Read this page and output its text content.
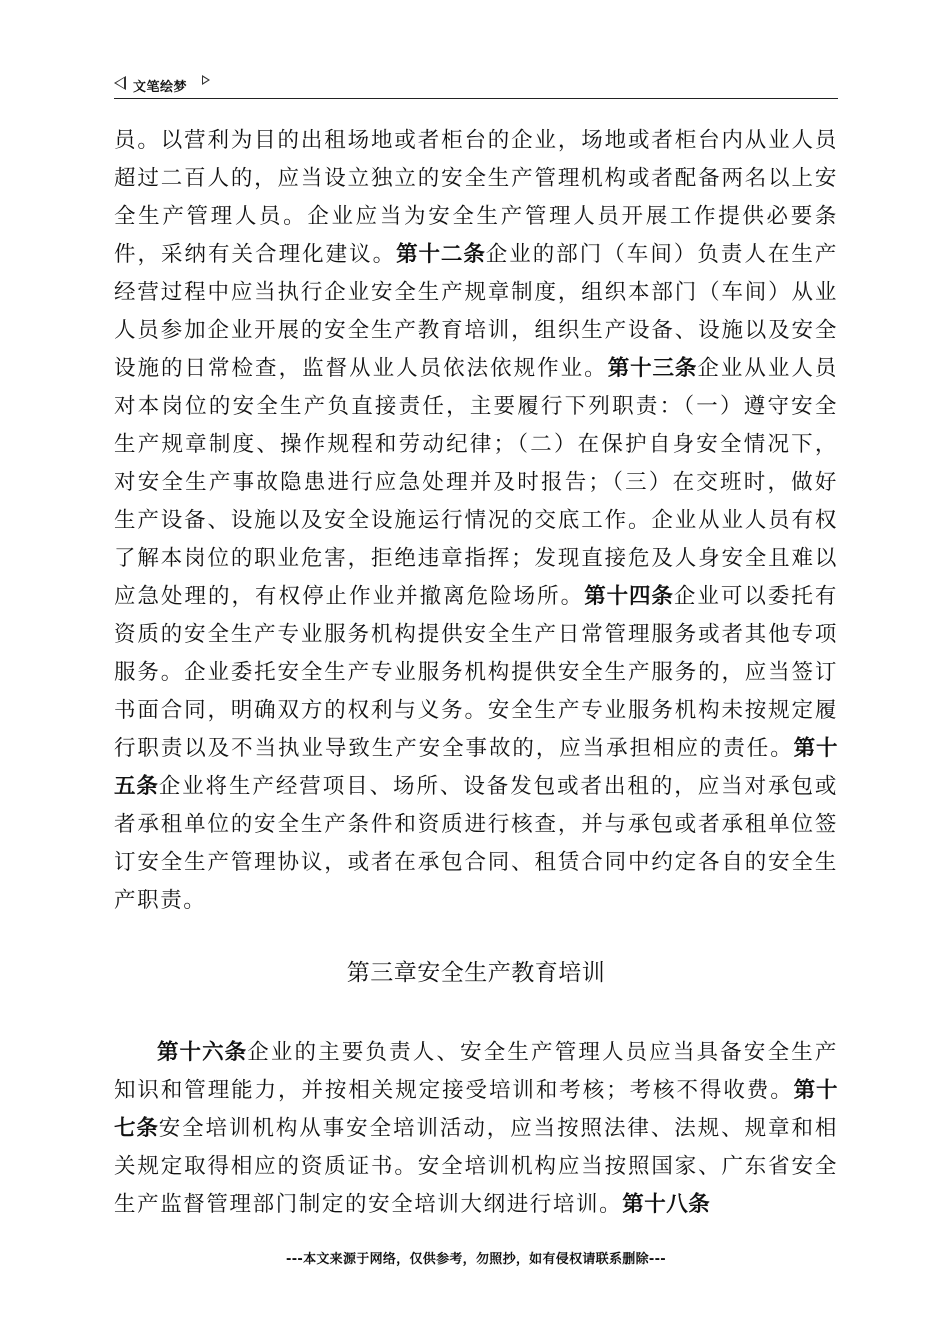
文笔绘梦
员。以营利为目的出租场地或者柜台的企业，场地或者柜台内从业人员超过二百人的，应当设立独立的安全生产管理机构或者配备两名以上安全生产管理人员。企业应当为安全生产管理人员开展工作提供必要条件，采纳有关合理化建议。第十二条企业的部门（车间）负责人在生产经营过程中应当执行企业安全生产规章制度，组织本部门（车间）从业人员参加企业开展的安全生产教育培训，组织生产设备、设施以及安全设施的日常检查，监督从业人员依法依规作业。第十三条企业从业人员对本岗位的安全生产负直接责任，主要履行下列职责：（一）遵守安全生产规章制度、操作规程和劳动纪律；（二）在保护自身安全情况下，对安全生产事故隐患进行应急处理并及时报告；（三）在交班时，做好生产设备、设施以及安全设施运行情况的交底工作。企业从业人员有权了解本岗位的职业危害，拒绝违章指挥；发现直接危及人身安全且难以应急处理的，有权停止作业并撤离危险场所。第十四条企业可以委托有资质的安全生产专业服务机构提供安全生产日常管理服务或者其他专项服务。企业委托安全生产专业服务机构提供安全生产服务的，应当签订书面合同，明确双方的权利与义务。安全生产专业服务机构未按规定履行职责以及不当执业导致生产安全事故的，应当承担相应的责任。第十五条企业将生产经营项目、场所、设备发包或者出租的，应当对承包或者承租单位的安全生产条件和资质进行核查，并与承包或者承租单位签订安全生产管理协议，或者在承包合同、租赁合同中约定各自的安全生产职责。
第三章安全生产教育培训
第十六条企业的主要负责人、安全生产管理人员应当具备安全生产知识和管理能力，并按相关规定接受培训和考核；考核不得收费。第十七条安全培训机构从事安全培训活动，应当按照法律、法规、规章和相关规定取得相应的资质证书。安全培训机构应当按照国家、广东省安全生产监督管理部门制定的安全培训大纲进行培训。第十八条
---本文来源于网络，仅供参考，勿照抄，如有侵权请联系删除---
